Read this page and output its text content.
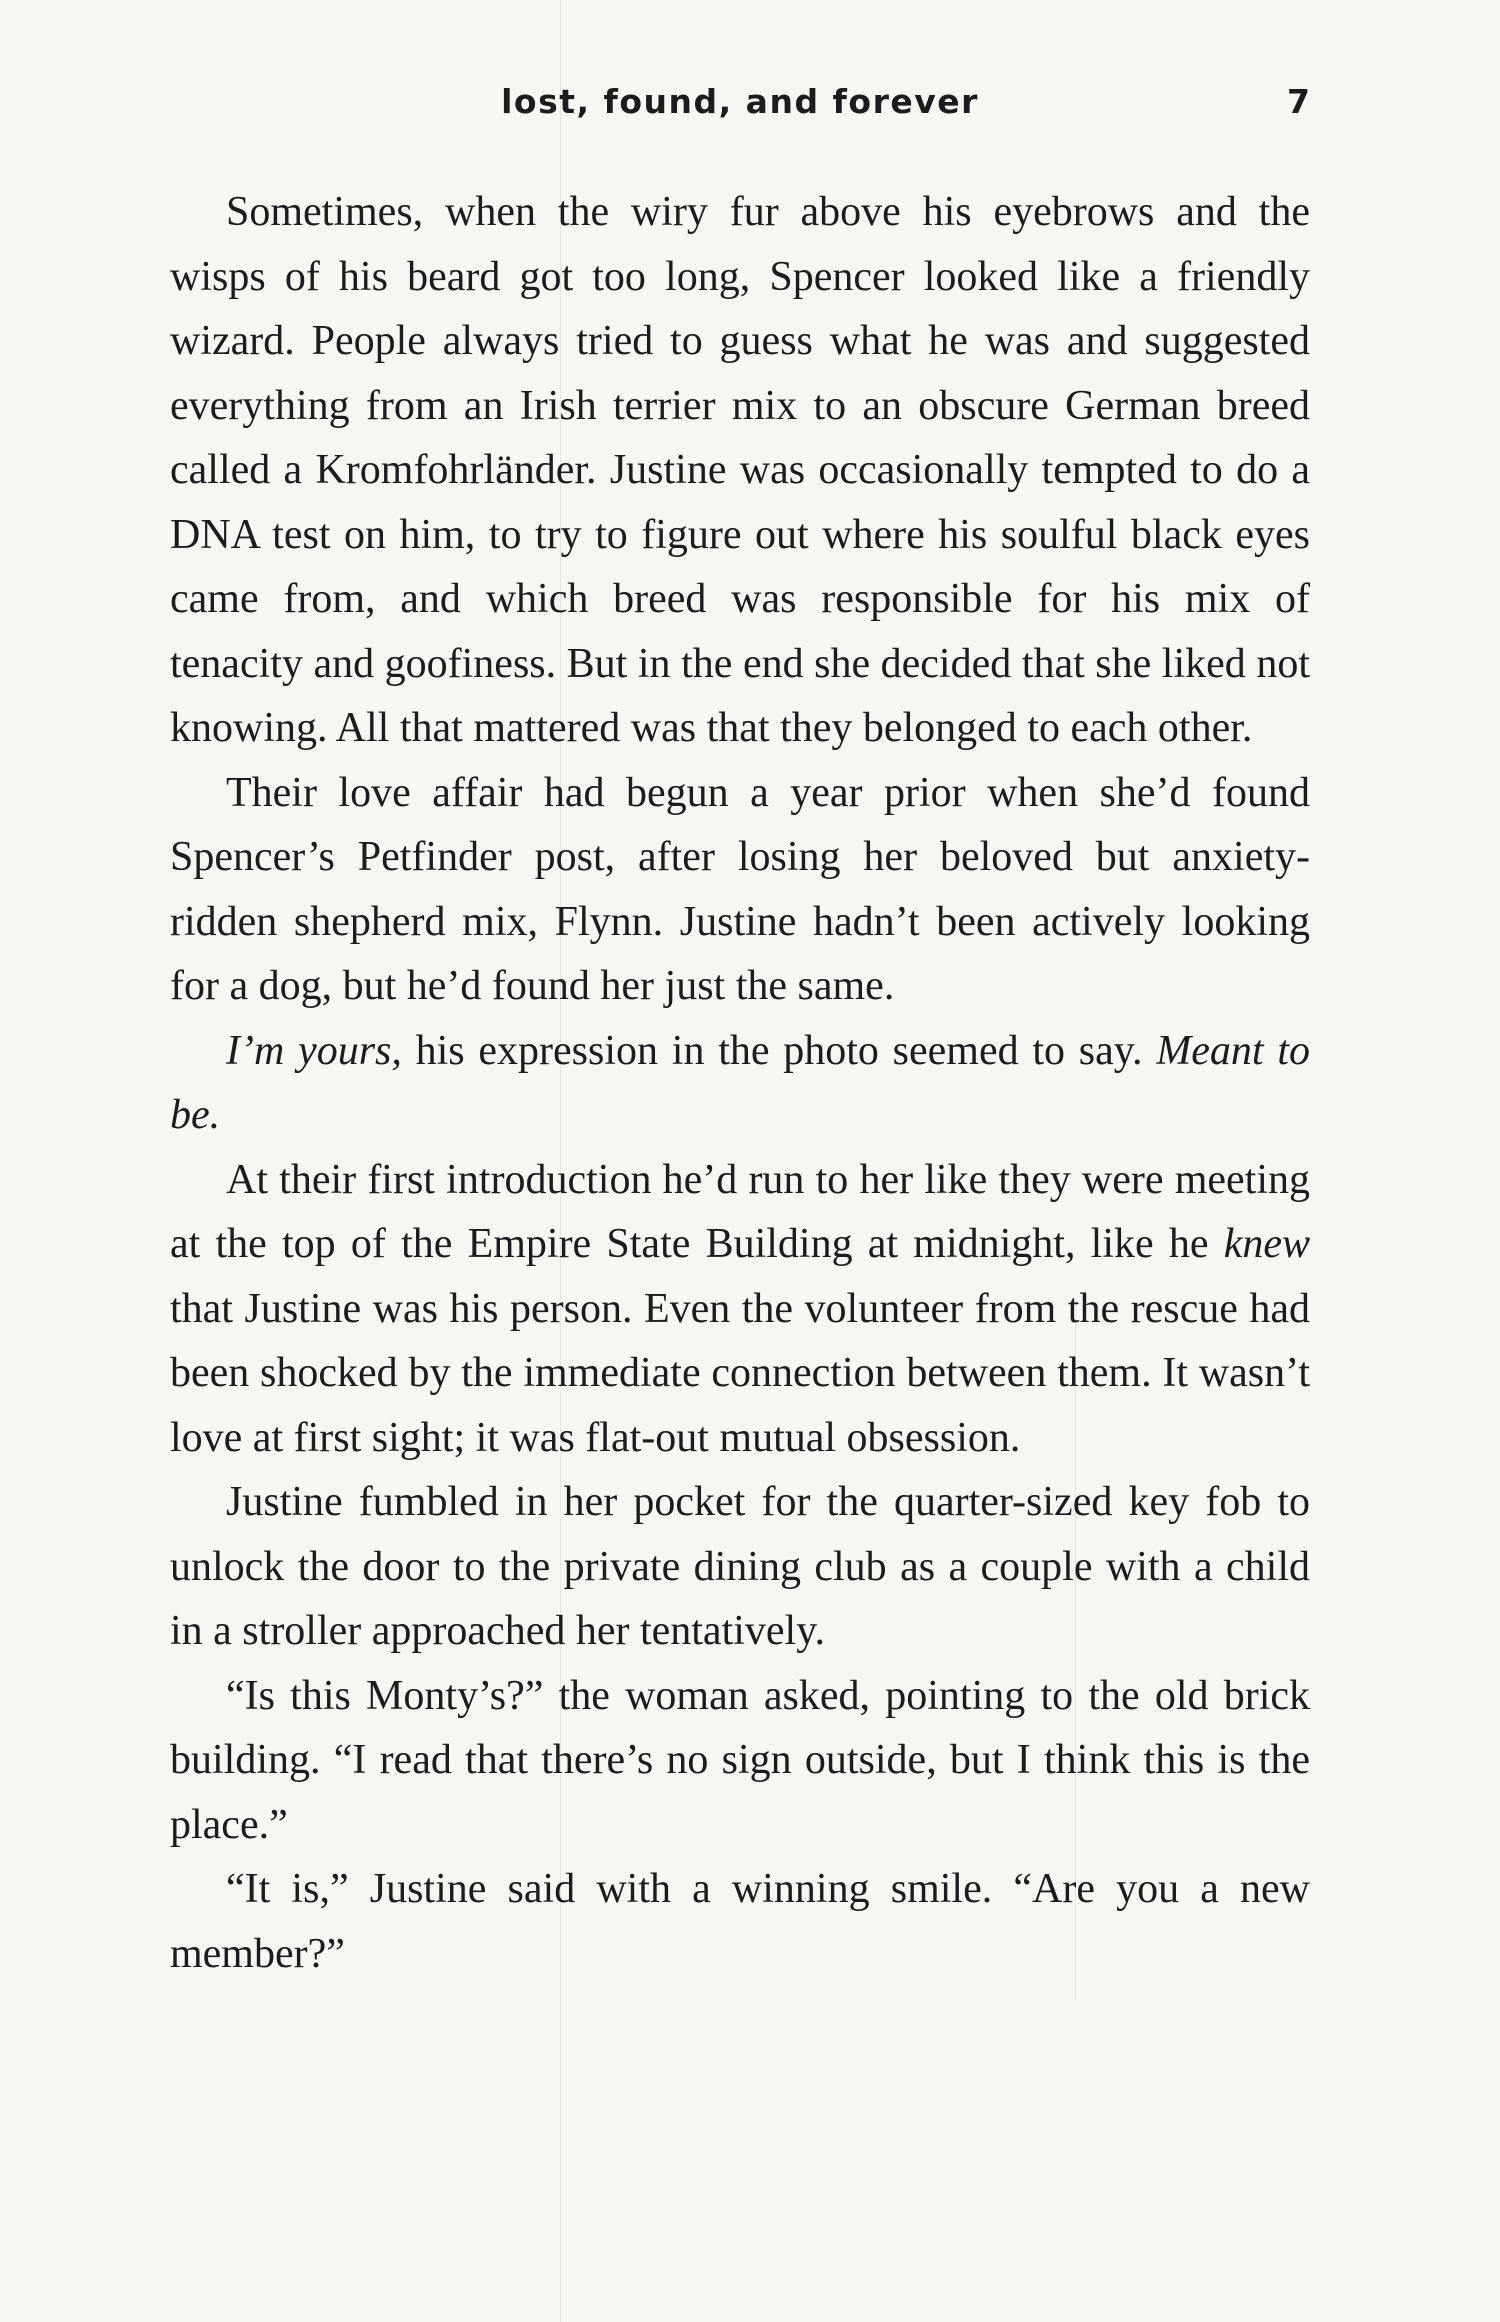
lost, found, and forever	7

Sometimes, when the wiry fur above his eyebrows and the wisps of his beard got too long, Spencer looked like a friendly wizard. People always tried to guess what he was and suggested everything from an Irish terrier mix to an obscure German breed called a Kromfohrländer. Justine was occasionally tempted to do a DNA test on him, to try to figure out where his soulful black eyes came from, and which breed was responsible for his mix of tenacity and goofiness. But in the end she decided that she liked not knowing. All that mattered was that they belonged to each other.

Their love affair had begun a year prior when she’d found Spencer’s Petfinder post, after losing her beloved but anxiety-ridden shepherd mix, Flynn. Justine hadn’t been actively looking for a dog, but he’d found her just the same.

I’m yours, his expression in the photo seemed to say. Meant to be.

At their first introduction he’d run to her like they were meeting at the top of the Empire State Building at midnight, like he knew that Justine was his person. Even the volunteer from the rescue had been shocked by the immediate connection between them. It wasn’t love at first sight; it was flat-out mutual obsession.

Justine fumbled in her pocket for the quarter-sized key fob to unlock the door to the private dining club as a couple with a child in a stroller approached her tentatively.

“Is this Monty’s?” the woman asked, pointing to the old brick building. “I read that there’s no sign outside, but I think this is the place.”

“It is,” Justine said with a winning smile. “Are you a new member?”
